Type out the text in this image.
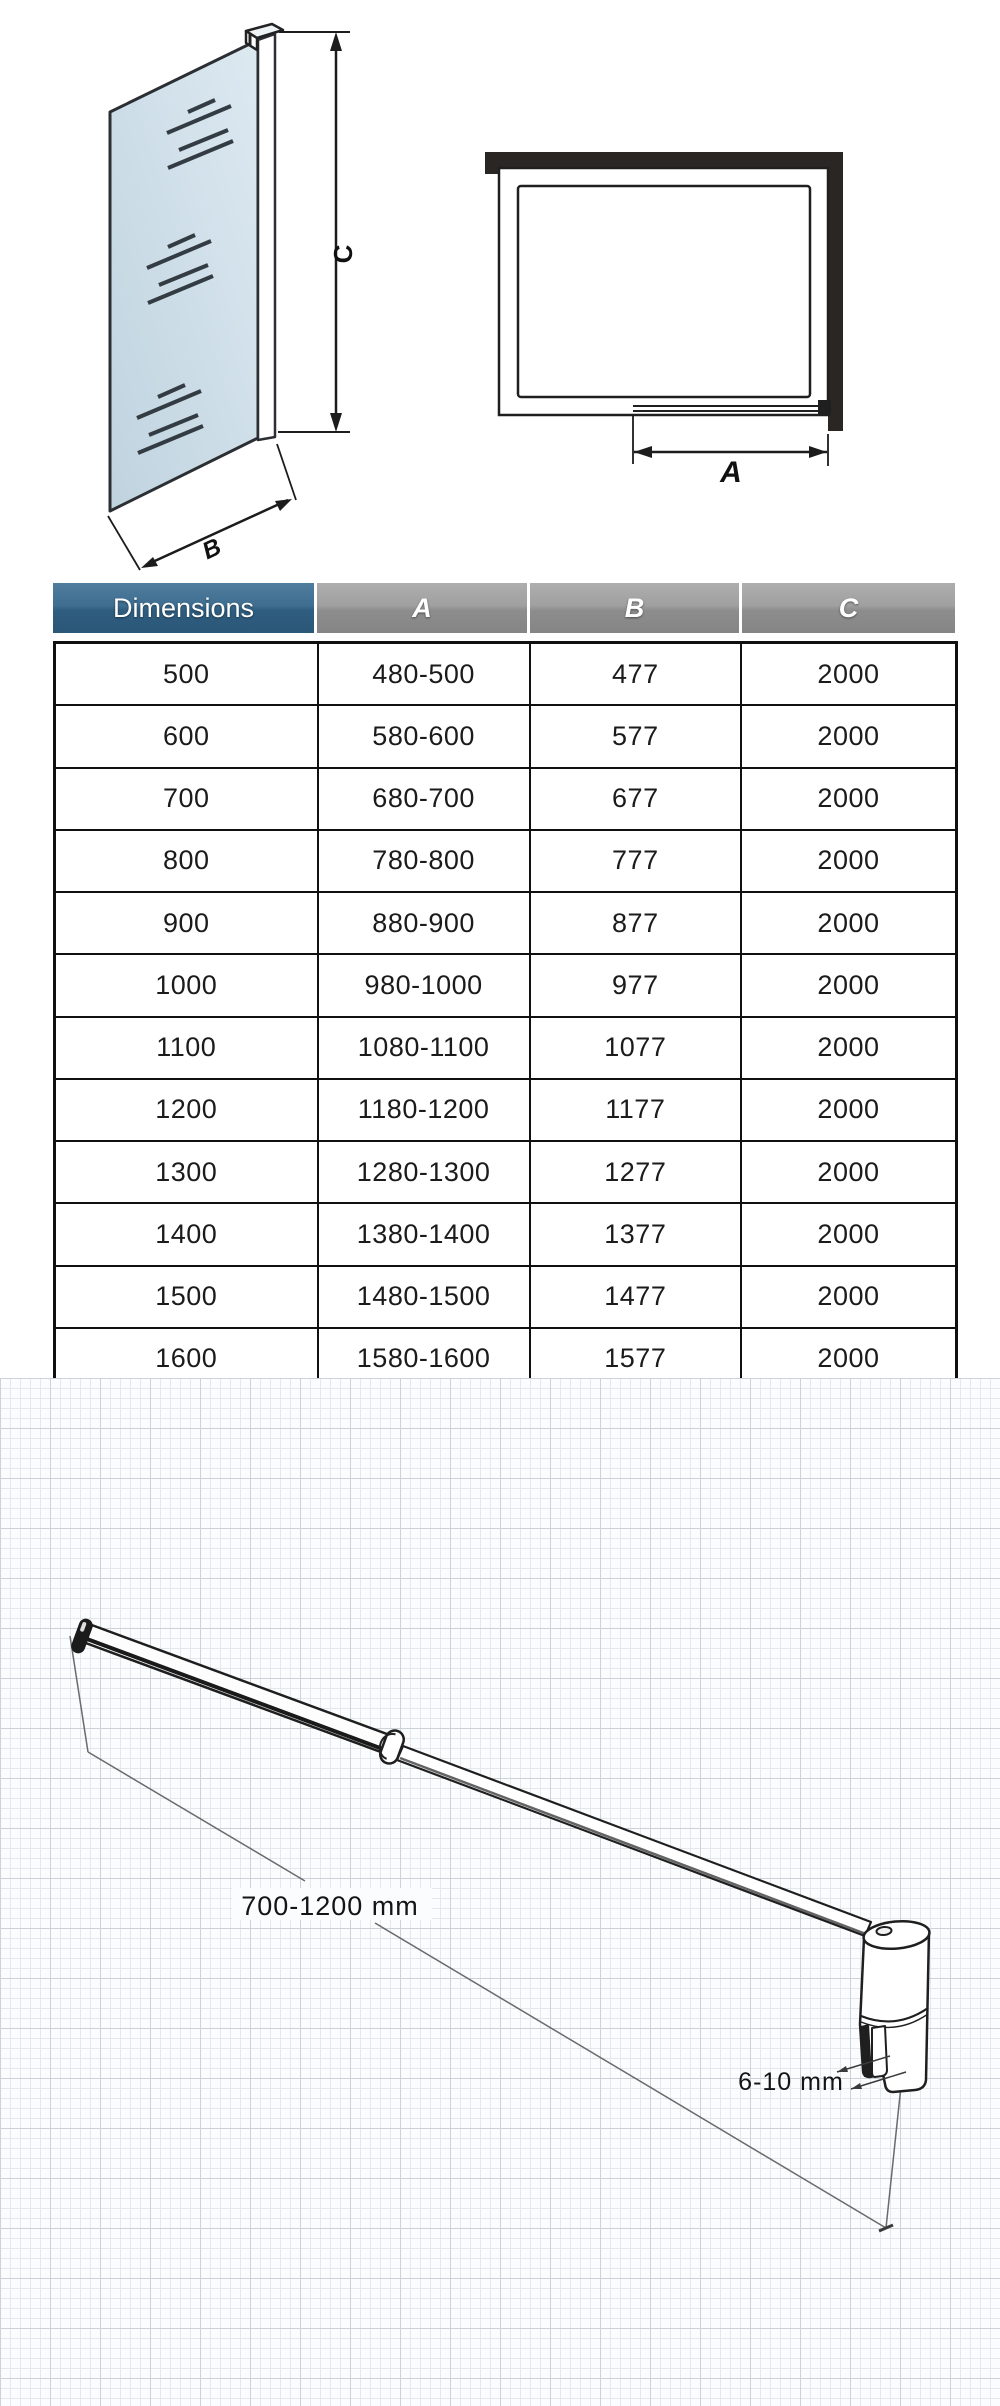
C
B
A
Dimensions	A	B	C
500	480-500	477	2000
600	580-600	577	2000
700	680-700	677	2000
800	780-800	777	2000
900	880-900	877	2000
1000	980-1000	977	2000
1100	1080-1100	1077	2000
1200	1180-1200	1177	2000
1300	1280-1300	1277	2000
1400	1380-1400	1377	2000
1500	1480-1500	1477	2000
1600	1580-1600	1577	2000
700-1200 mm
6-10 mm
